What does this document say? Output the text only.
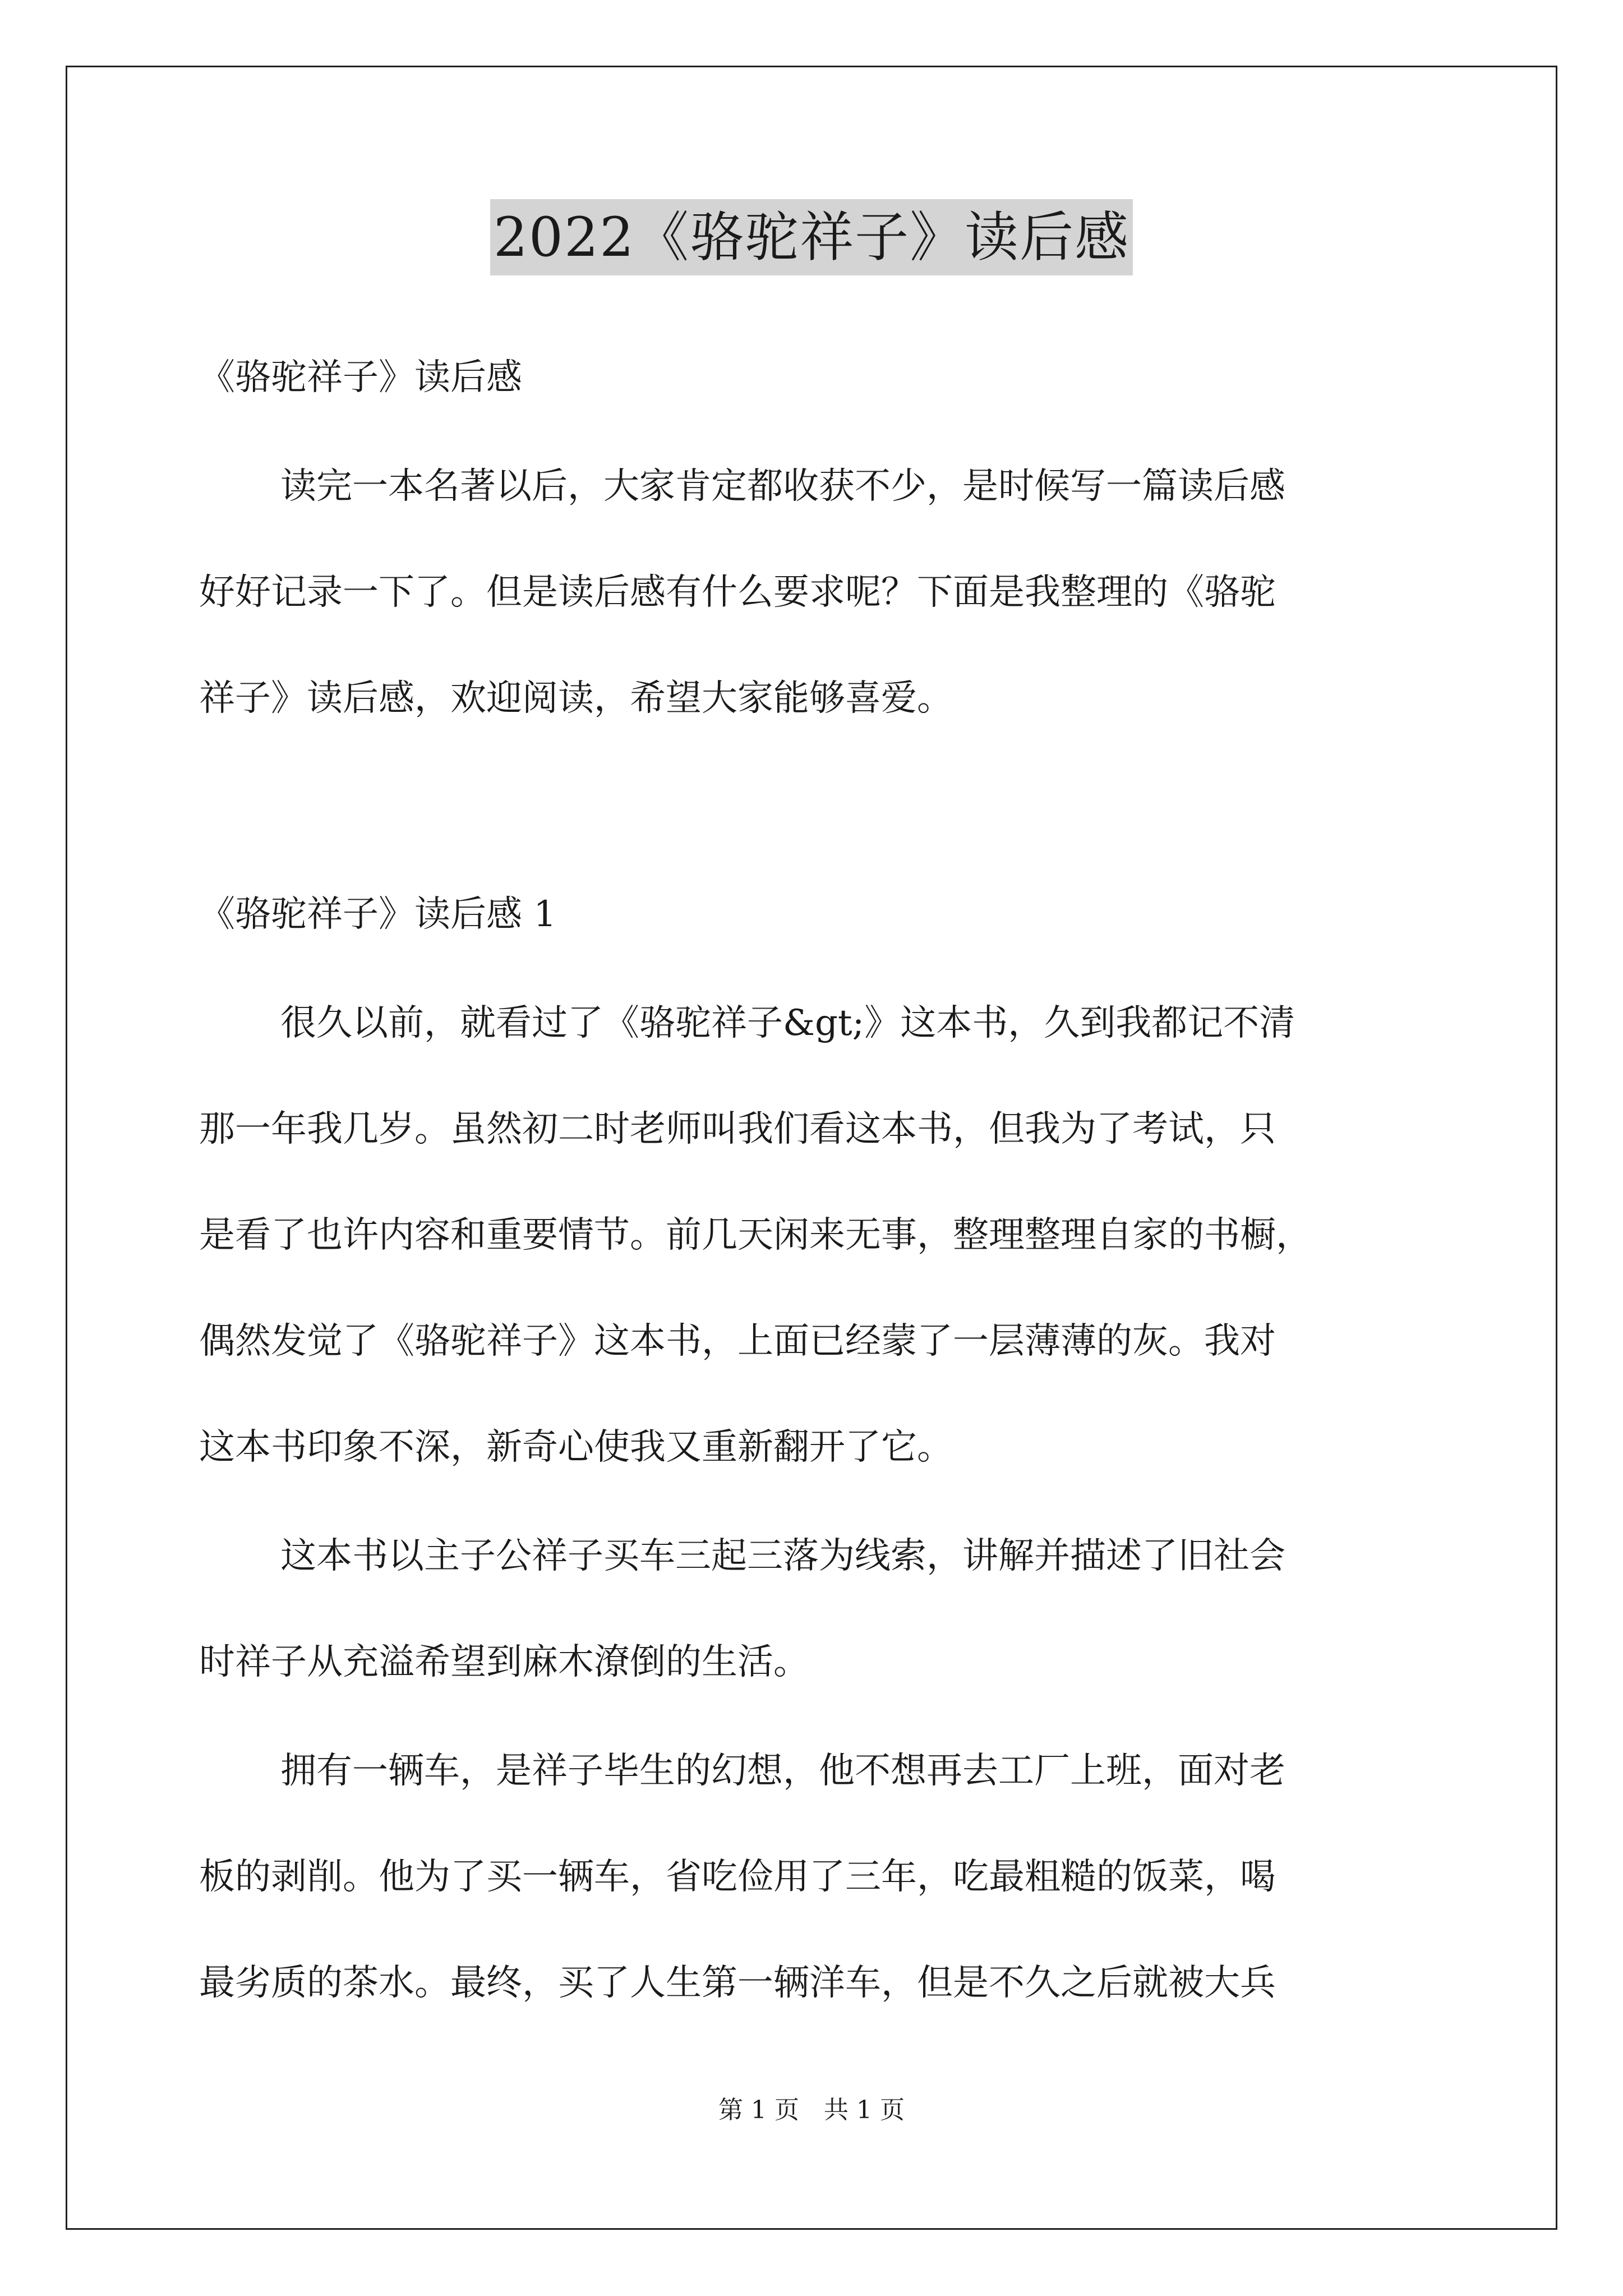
2022《骆驼祥子》读后感
《骆驼祥子》读后感
读完一本名著以后，大家肯定都收获不少，是时候写一篇读后感
好好记录一下了。但是读后感有什么要求呢？下面是我整理的《骆驼
祥子》读后感，欢迎阅读，希望大家能够喜爱。
《骆驼祥子》读后感 1
很久以前，就看过了《骆驼祥子&gt;》这本书，久到我都记不清
那一年我几岁。虽然初二时老师叫我们看这本书，但我为了考试，只
是看了也许内容和重要情节。前几天闲来无事，整理整理自家的书橱，
偶然发觉了《骆驼祥子》这本书，上面已经蒙了一层薄薄的灰。我对
这本书印象不深，新奇心使我又重新翻开了它。
这本书以主子公祥子买车三起三落为线索，讲解并描述了旧社会
时祥子从充溢希望到麻木潦倒的生活。
拥有一辆车，是祥子毕生的幻想，他不想再去工厂上班，面对老
板的剥削。他为了买一辆车，省吃俭用了三年，吃最粗糙的饭菜，喝
最劣质的茶水。最终，买了人生第一辆洋车，但是不久之后就被大兵
第 1 页　共 1 页
